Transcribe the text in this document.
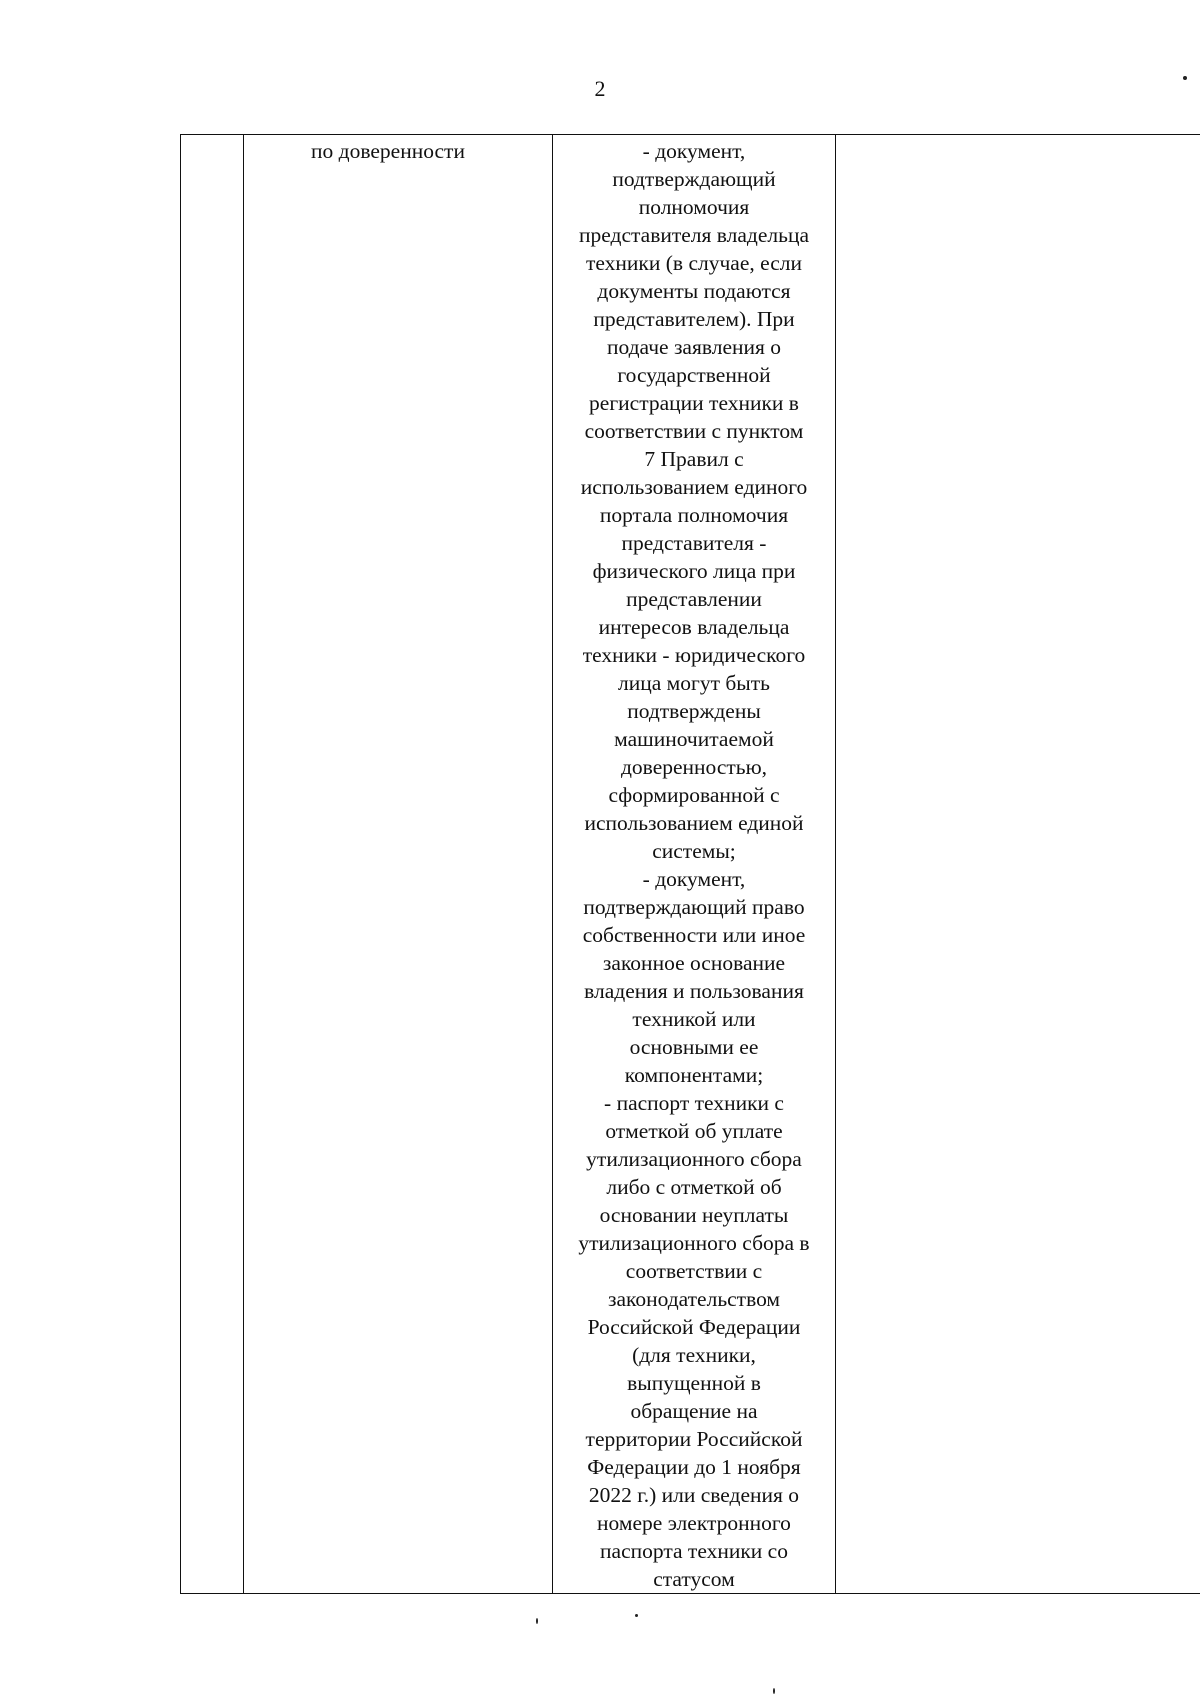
2
	по доверенности	- документ,
подтверждающий
полномочия
представителя владельца
техники (в случае, если
документы подаются
представителем). При
подаче заявления о
государственной
регистрации техники в
соответствии с пунктом
7 Правил с
использованием единого
портала полномочия
представителя -
физического лица при
представлении
интересов владельца
техники - юридического
лица могут быть
подтверждены
машиночитаемой
доверенностью,
сформированной с
использованием единой
системы;
- документ,
подтверждающий право
собственности или иное
законное основание
владения и пользования
техникой или
основными ее
компонентами;
- паспорт техники с
отметкой об уплате
утилизационного сбора
либо с отметкой об
основании неуплаты
утилизационного сбора в
соответствии с
законодательством
Российской Федерации
(для техники,
выпущенной в
обращение на
территории Российской
Федерации до 1 ноября
2022 г.) или сведения о
номере электронного
паспорта техники со
статусом
